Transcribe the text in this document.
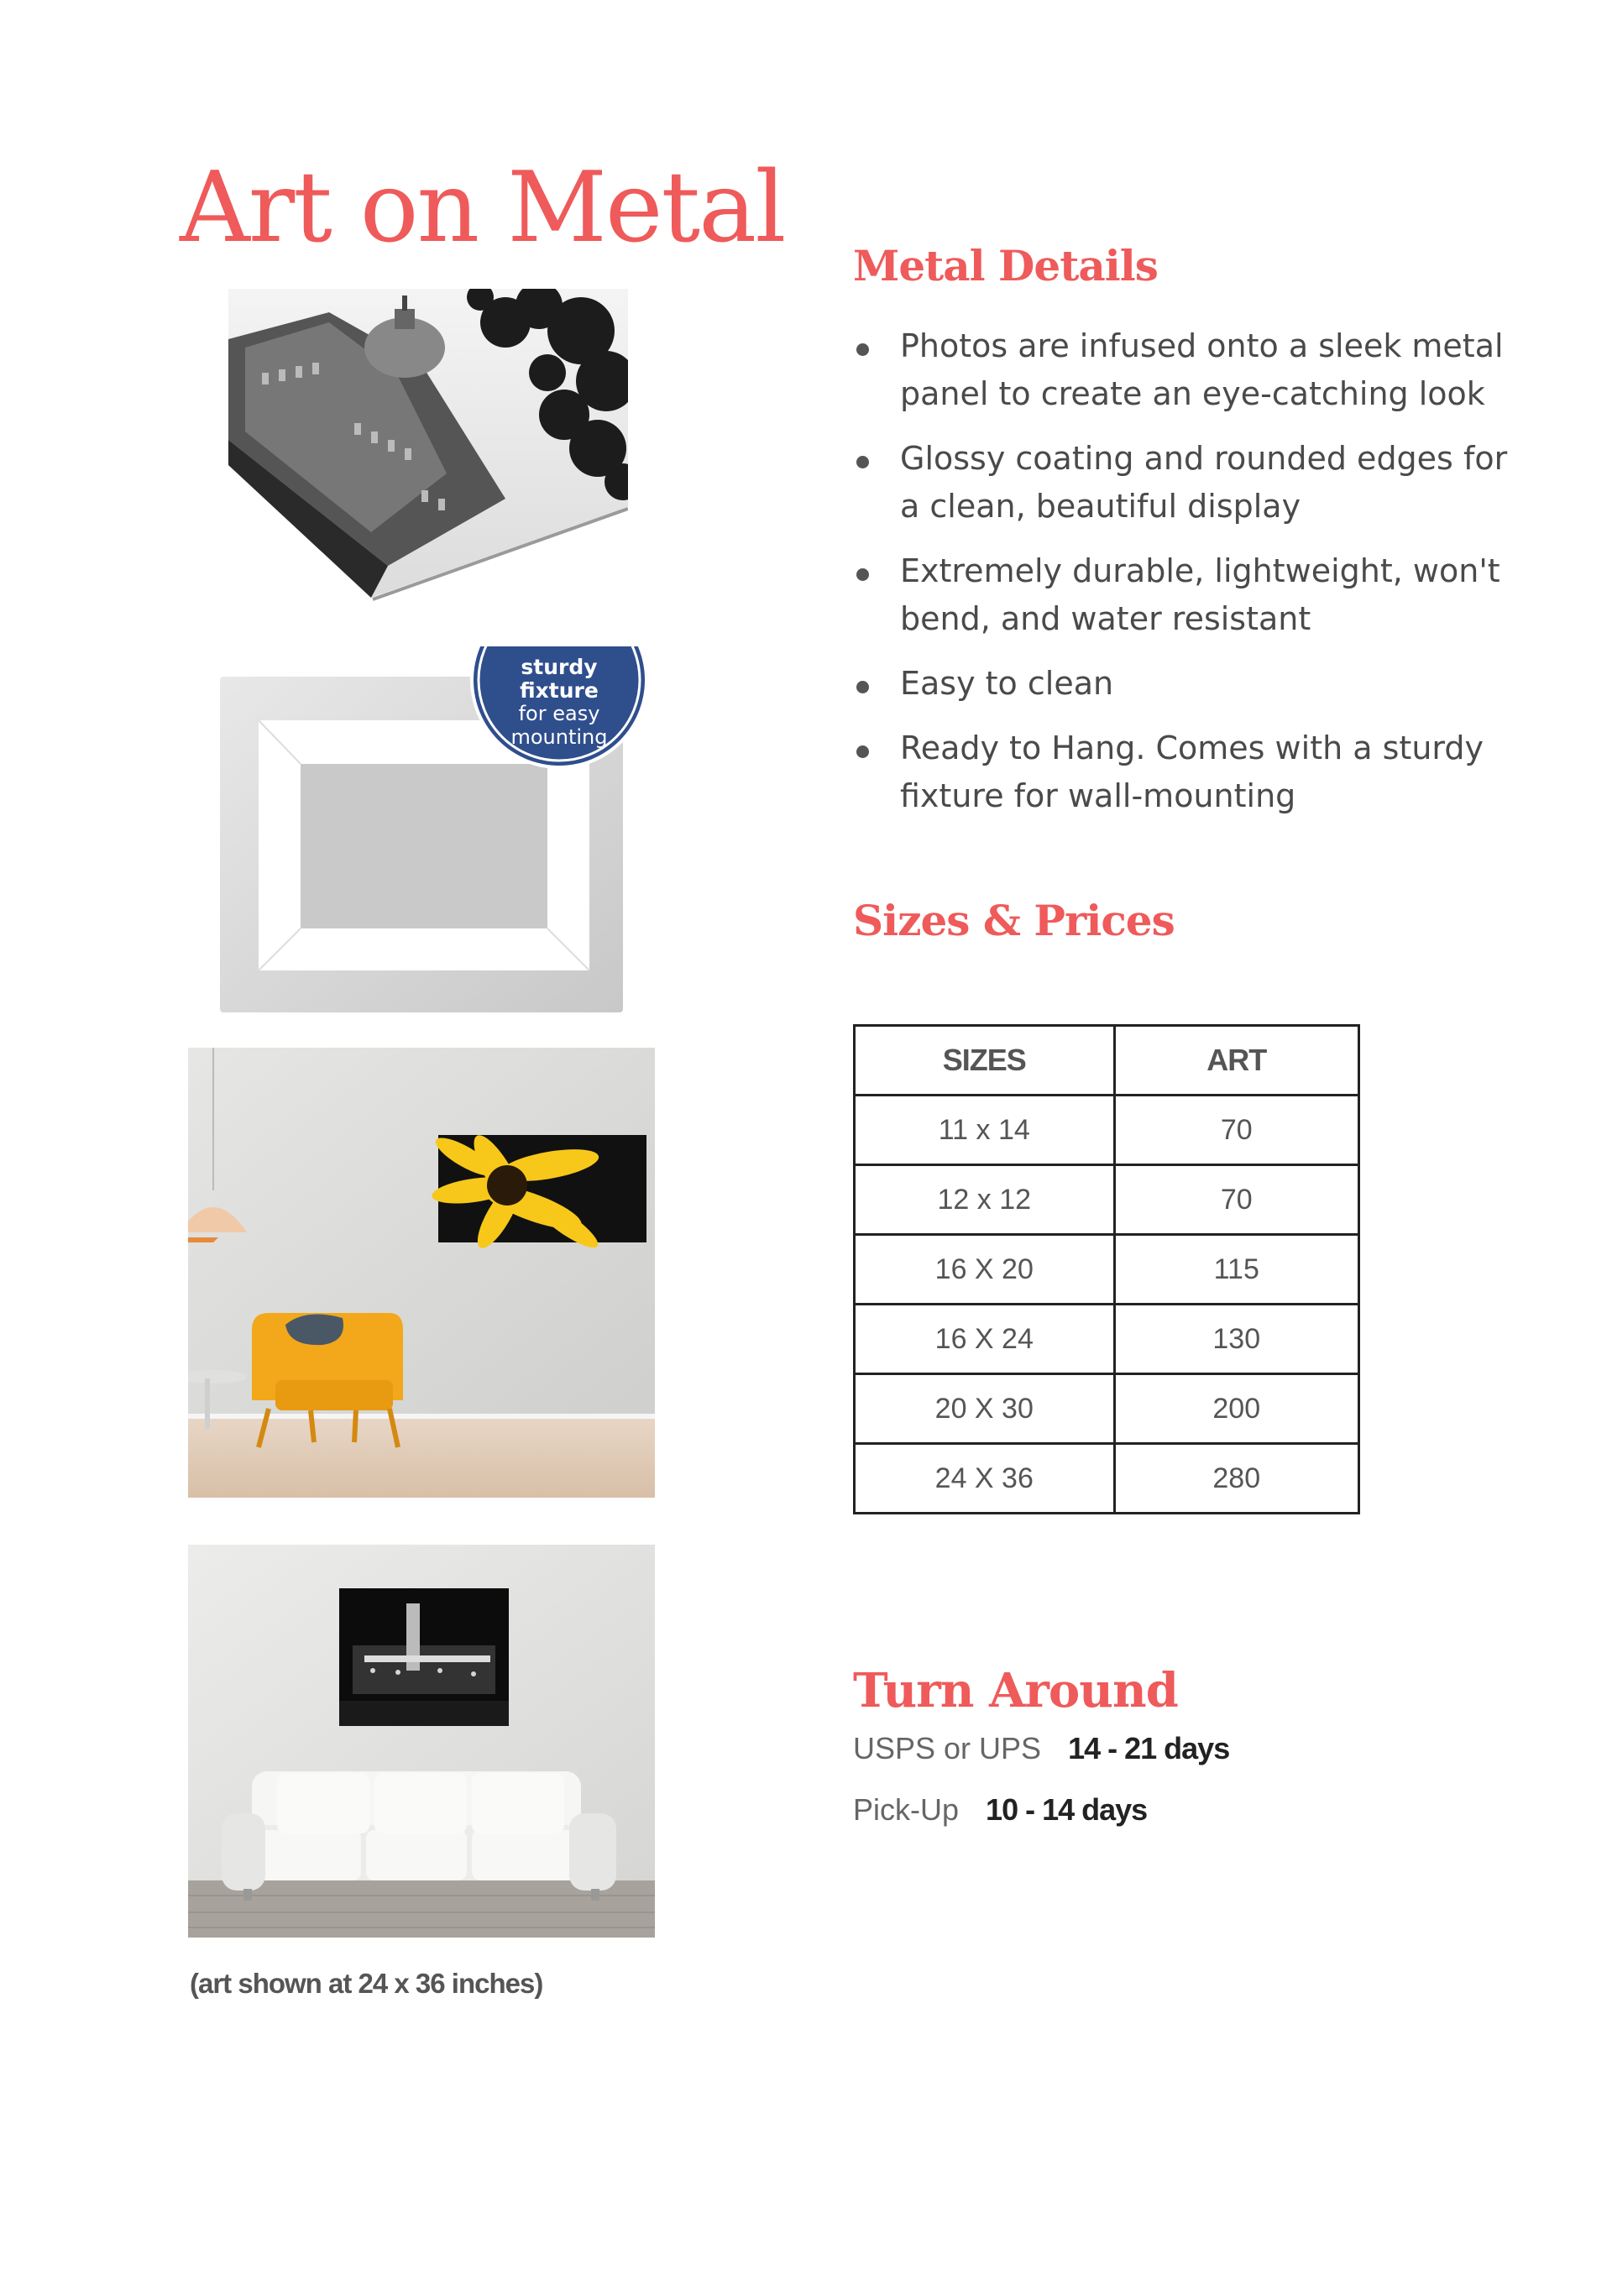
Art on Metal
sturdy
fixture
for easy
mounting
(art shown at 24 x 36 inches)
Metal Details
Photos are infused onto a sleek metal panel to create an eye-catching look
Glossy coating and rounded edges for a clean, beautiful display
Extremely durable, lightweight, won't bend, and water resistant
Easy to clean
Ready to Hang. Comes with a sturdy fixture for wall-mounting
Sizes & Prices
SIZES	ART
11 x 14	70
12 x 12	70
16 X 20	115
16 X 24	130
20 X 30	200
24 X 36	280
Turn Around
USPS or UPS 14 - 21 days
Pick-Up 10 - 14 days
